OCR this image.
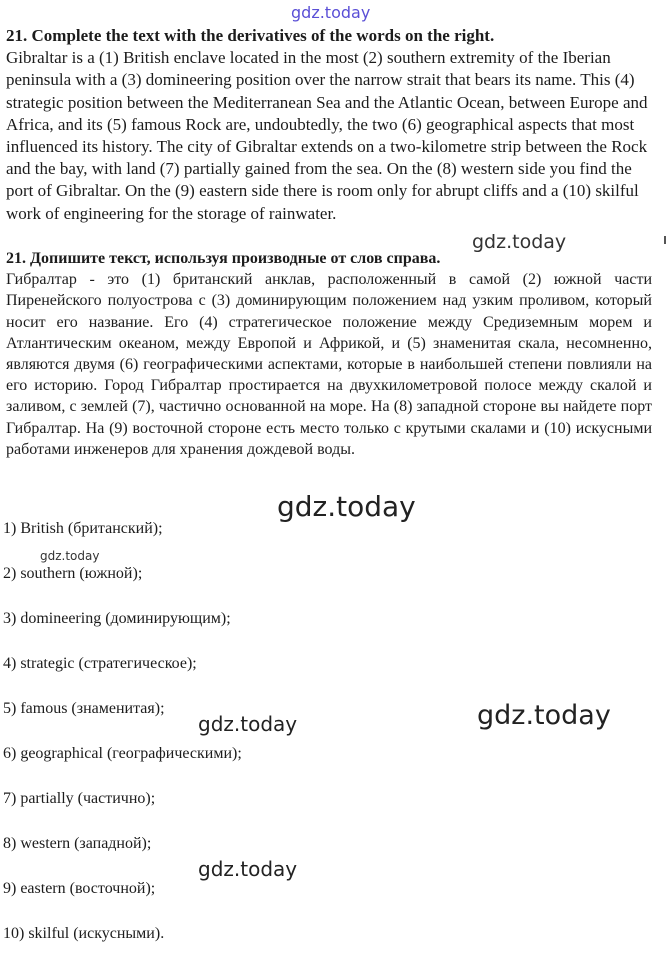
gdz.today
21. Complete the text with the derivatives of the words on the right.
Gibraltar is a (1) British enclave located in the most (2) southern extremity of the Iberian peninsula with a (3) domineering position over the narrow strait that bears its name. This (4) strategic position between the Mediterranean Sea and the Atlantic Ocean, between Europe and Africa, and its (5) famous Rock are, undoubtedly, the two (6) geographical aspects that most influenced its history. The city of Gibraltar extends on a two-kilometre strip between the Rock and the bay, with land (7) partially gained from the sea. On the (8) western side you find the port of Gibraltar. On the (9) eastern side there is room only for abrupt cliffs and a (10) skilful work of engineering for the storage of rainwater.
gdz.today
21. Допишите текст, используя производные от слов справа.
Гибралтар - это (1) британский анклав, расположенный в самой (2) южной части Пиренейского полуострова с (3) доминирующим положением над узким проливом, который носит его название. Его (4) стратегическое положение между Средиземным морем и Атлантическим океаном, между Европой и Африкой, и (5) знаменитая скала, несомненно, являются двумя (6) географическими аспектами, которые в наибольшей степени повлияли на его историю. Город Гибралтар простирается на двухкилометровой полосе между скалой и заливом, с землей (7), частично основанной на море. На (8) западной стороне вы найдете порт Гибралтар. На (9) восточной стороне есть место только с крутыми скалами и (10) искусными работами инженеров для хранения дождевой воды.
gdz.today
gdz.today
1) British (британский);
2) southern (южной);
3) domineering (доминирующим);
4) strategic (стратегическое);
5) famous (знаменитая);
6) geographical (географическими);
7) partially (частично);
8) western (западной);
9) eastern (восточной);
10) skilful (искусными).
gdz.today	gdz.today
gdz.today
